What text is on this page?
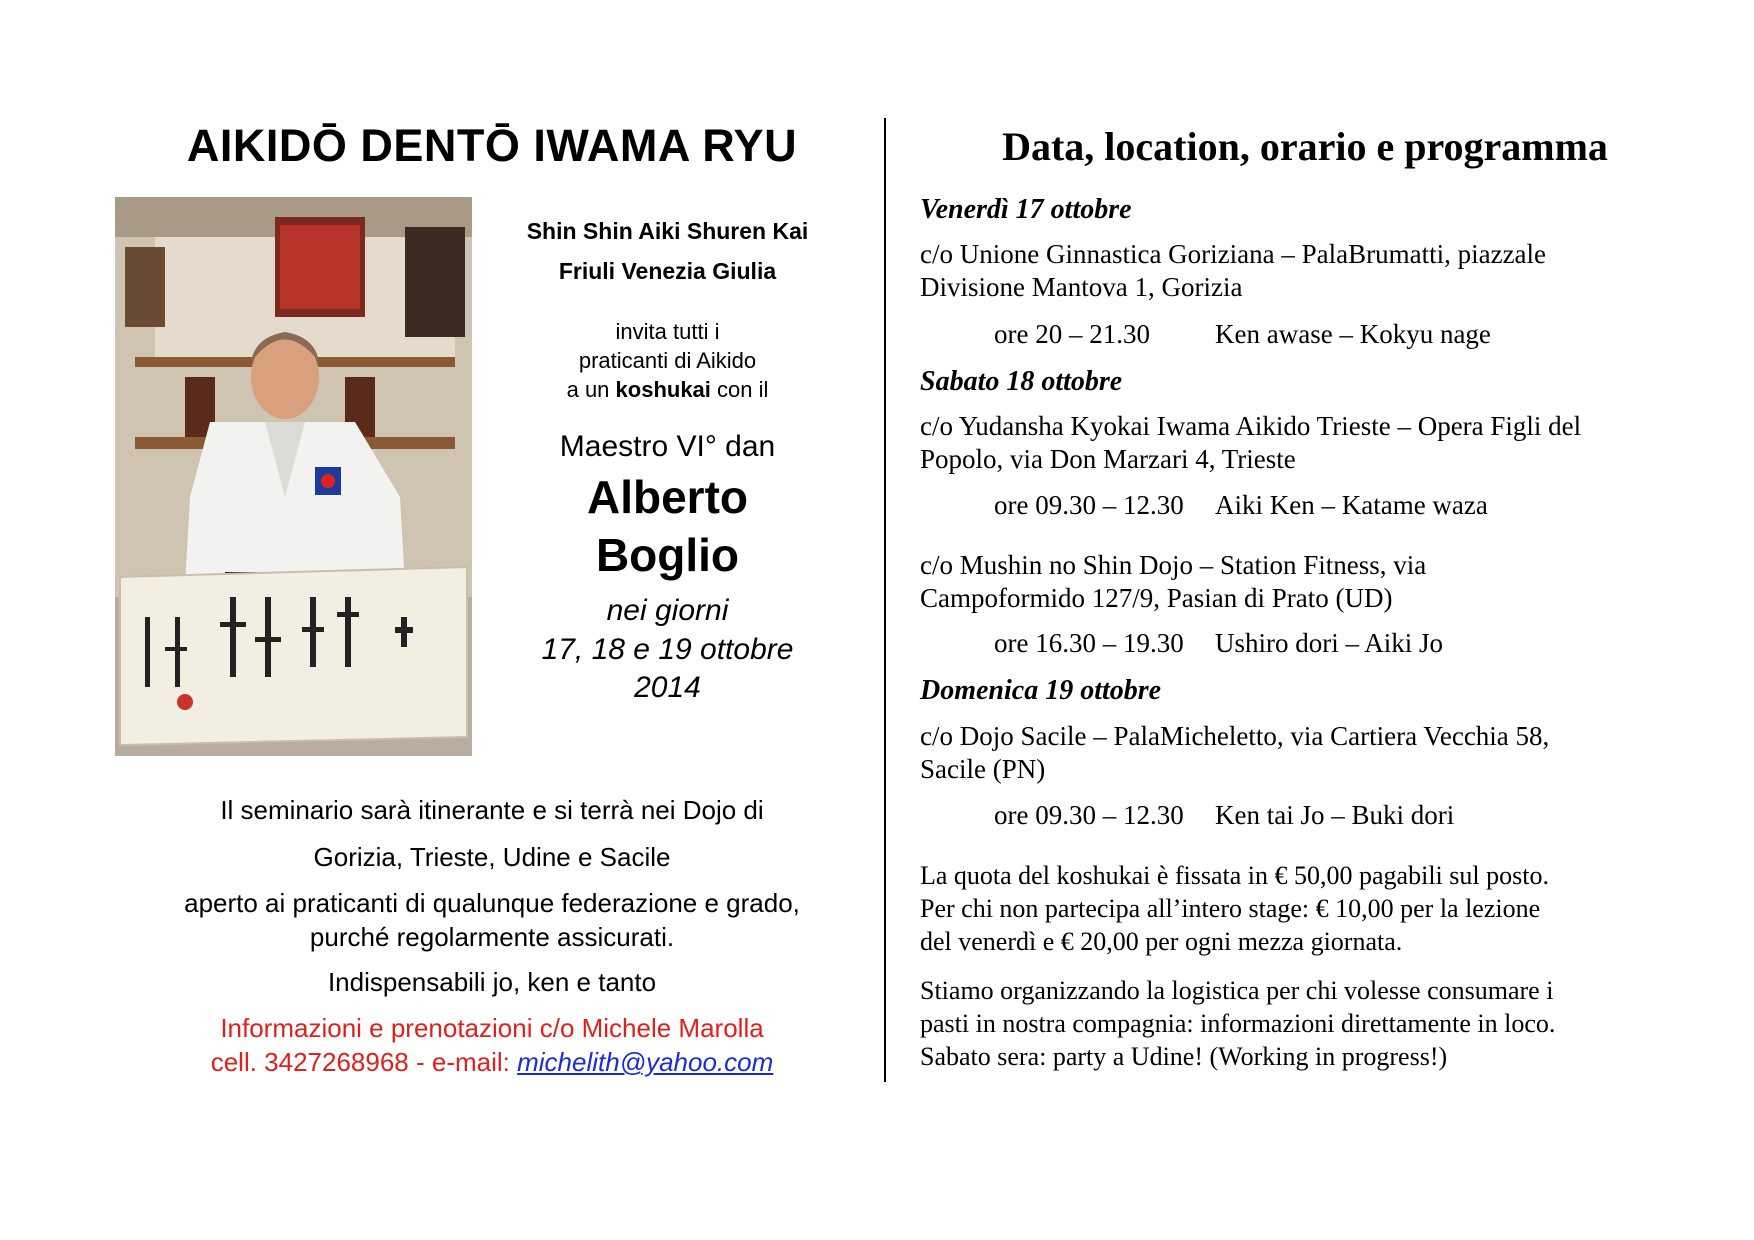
AIKIDŌ DENTŌ IWAMA RYU
Shin Shin Aiki Shuren Kai
Friuli Venezia Giulia
invita tutti i
praticanti di Aikido
a un koshukai con il
Maestro VI° dan
Alberto
Boglio
nei giorni
17, 18 e 19 ottobre
2014
Il seminario sarà itinerante e si terrà nei Dojo di
Gorizia, Trieste, Udine e Sacile
aperto ai praticanti di qualunque federazione e grado,
purché regolarmente assicurati.
Indispensabili jo, ken e tanto
Informazioni e prenotazioni c/o Michele Marolla
cell. 3427268968 - e-mail: michelith@yahoo.com
Data, location, orario e programma
Venerdì 17 ottobre
c/o Unione Ginnastica Goriziana – PalaBrumatti, piazzale
Divisione Mantova 1, Gorizia
ore 20 – 21.30 Ken awase – Kokyu nage
Sabato 18 ottobre
c/o Yudansha Kyokai Iwama Aikido Trieste – Opera Figli del
Popolo, via Don Marzari 4, Trieste
ore 09.30 – 12.30 Aiki Ken – Katame waza
c/o Mushin no Shin Dojo – Station Fitness, via
Campoformido 127/9, Pasian di Prato (UD)
ore 16.30 – 19.30 Ushiro dori – Aiki Jo
Domenica 19 ottobre
c/o Dojo Sacile – PalaMicheletto, via Cartiera Vecchia 58,
Sacile (PN)
ore 09.30 – 12.30 Ken tai Jo – Buki dori
La quota del koshukai è fissata in € 50,00 pagabili sul posto.
Per chi non partecipa all’intero stage: € 10,00 per la lezione
del venerdì e € 20,00 per ogni mezza giornata.
Stiamo organizzando la logistica per chi volesse consumare i
pasti in nostra compagnia: informazioni direttamente in loco.
Sabato sera: party a Udine! (Working in progress!)
